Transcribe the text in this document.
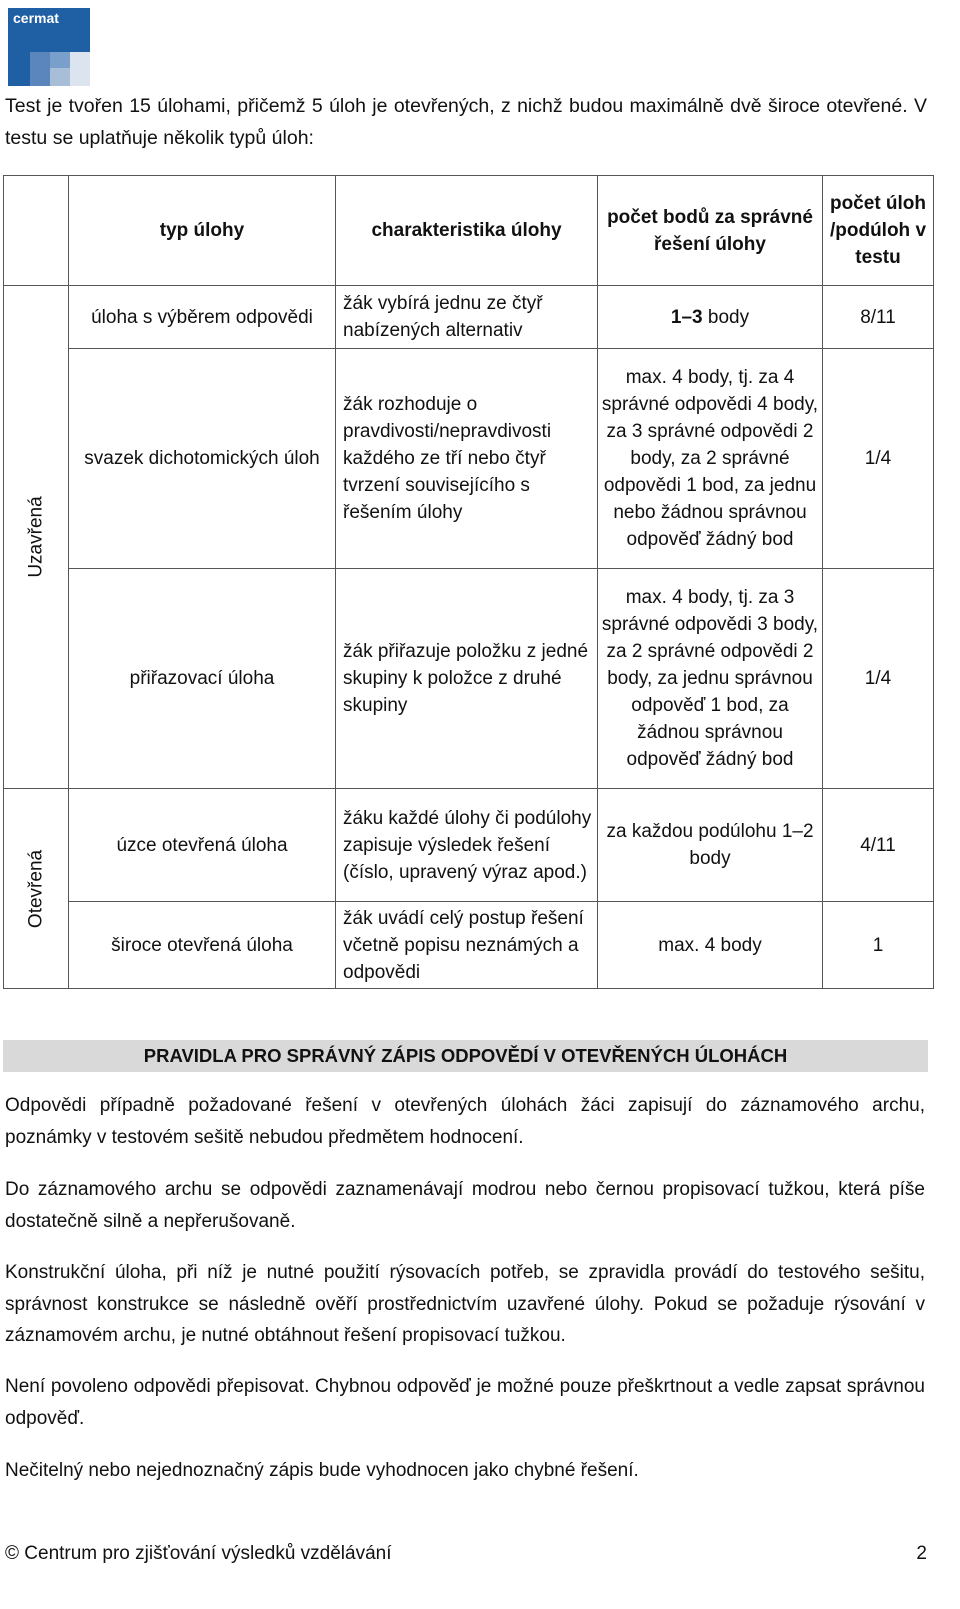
cermat
Test je tvořen 15 úlohami, přičemž 5 úloh je otevřených, z nichž budou maximálně dvě široce otevřené. V testu se uplatňuje několik typů úloh:
	typ úlohy	charakteristika úlohy	počet bodů za správné řešení úlohy	počet úloh /podúloh v testu

Uzavřená	úloha s výběrem odpovědi	žák vybírá jednu ze čtyř nabízených alternativ	1–3 body	8/11
	svazek dichotomických úloh	žák rozhoduje o pravdivosti/nepravdivosti každého ze tří nebo čtyř tvrzení souvisejícího s řešením úlohy	max. 4 body, tj. za 4 správné odpovědi 4 body, za 3 správné odpovědi 2 body, za 2 správné odpovědi 1 bod, za jednu nebo žádnou správnou odpověď žádný bod	1/4
	přiřazovací úloha	žák přiřazuje položku z jedné skupiny k položce z druhé skupiny	max. 4 body, tj. za 3 správné odpovědi 3 body, za 2 správné odpovědi 2 body, za jednu správnou odpověď 1 bod, za žádnou správnou odpověď žádný bod	1/4

Otevřená	úzce otevřená úloha	žáku každé úlohy či podúlohy zapisuje výsledek řešení (číslo, upravený výraz apod.)	za každou podúlohu 1–2 body	4/11
	široce otevřená úloha	žák uvádí celý postup řešení včetně popisu neznámých a odpovědi	max. 4 body	1
PRAVIDLA PRO SPRÁVNÝ ZÁPIS ODPOVĚDÍ V OTEVŘENÝCH ÚLOHÁCH
Odpovědi případně požadované řešení v otevřených úlohách žáci zapisují do záznamového archu, poznámky v testovém sešitě nebudou předmětem hodnocení.
Do záznamového archu se odpovědi zaznamenávají modrou nebo černou propisovací tužkou, která píše dostatečně silně a nepřerušovaně.
Konstrukční úloha, při níž je nutné použití rýsovacích potřeb, se zpravidla provádí do testového sešitu, správnost konstrukce se následně ověří prostřednictvím uzavřené úlohy. Pokud se požaduje rýsování v záznamovém archu, je nutné obtáhnout řešení propisovací tužkou.
Není povoleno odpovědi přepisovat. Chybnou odpověď je možné pouze přeškrtnout a vedle zapsat správnou odpověď.
Nečitelný nebo nejednoznačný zápis bude vyhodnocen jako chybné řešení.
© Centrum pro zjišťování výsledků vzdělávání	2
